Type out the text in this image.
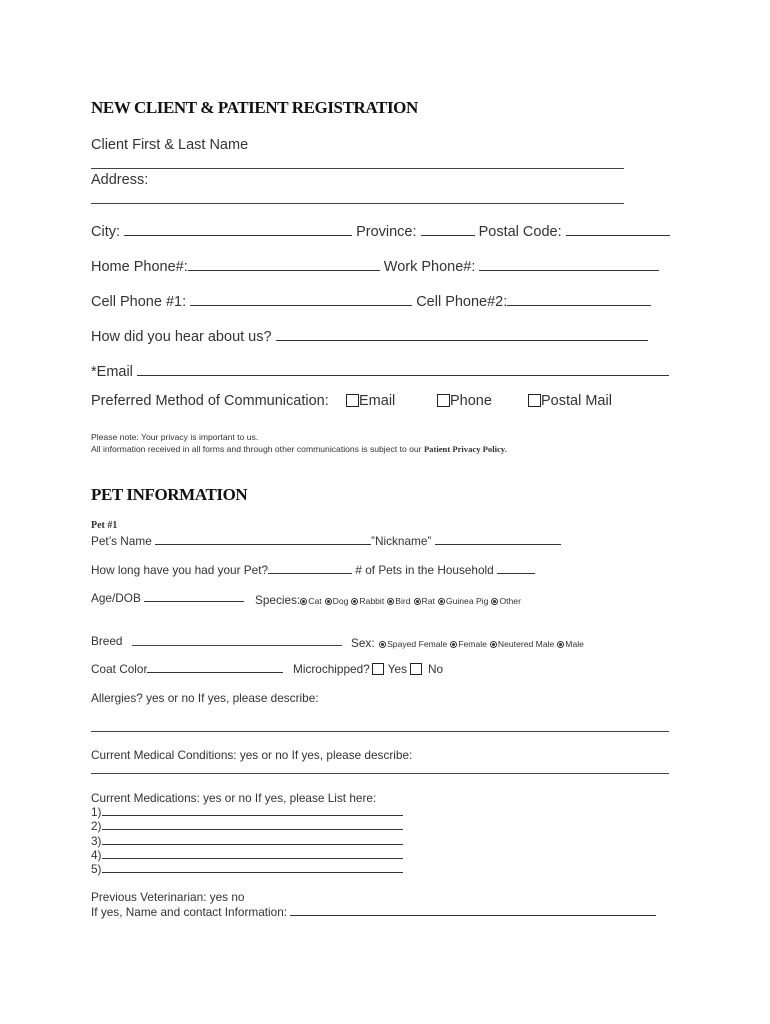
NEW CLIENT & PATIENT REGISTRATION
Client First & Last Name
Address:
City:	Province:	Postal Code:
Home Phone#:	Work Phone#:
Cell Phone #1:	Cell Phone#2:
How did you hear about us?
*Email
Preferred Method of Communication:	Email	Phone	Postal Mail
Please note: Your privacy is important to us.
All information received in all forms and through other communications is subject to our Patient Privacy Policy.
PET INFORMATION
Pet #1
Pet’s Name	”Nickname”
How long have you had your Pet?	# of Pets in the Household
Age/DOB	Species: Cat Dog Rabbit Bird Rat Guinea Pig Other
Breed	Sex: Spayed Female Female Neutered Male Male
Coat Color	Microchipped? Yes No
Allergies? yes or no If yes, please describe:
Current Medical Conditions: yes or no If yes, please describe:
Current Medications: yes or no If yes, please List here:
1)
2)
3)
4)
5)
Previous Veterinarian: yes no
If yes, Name and contact Information:
